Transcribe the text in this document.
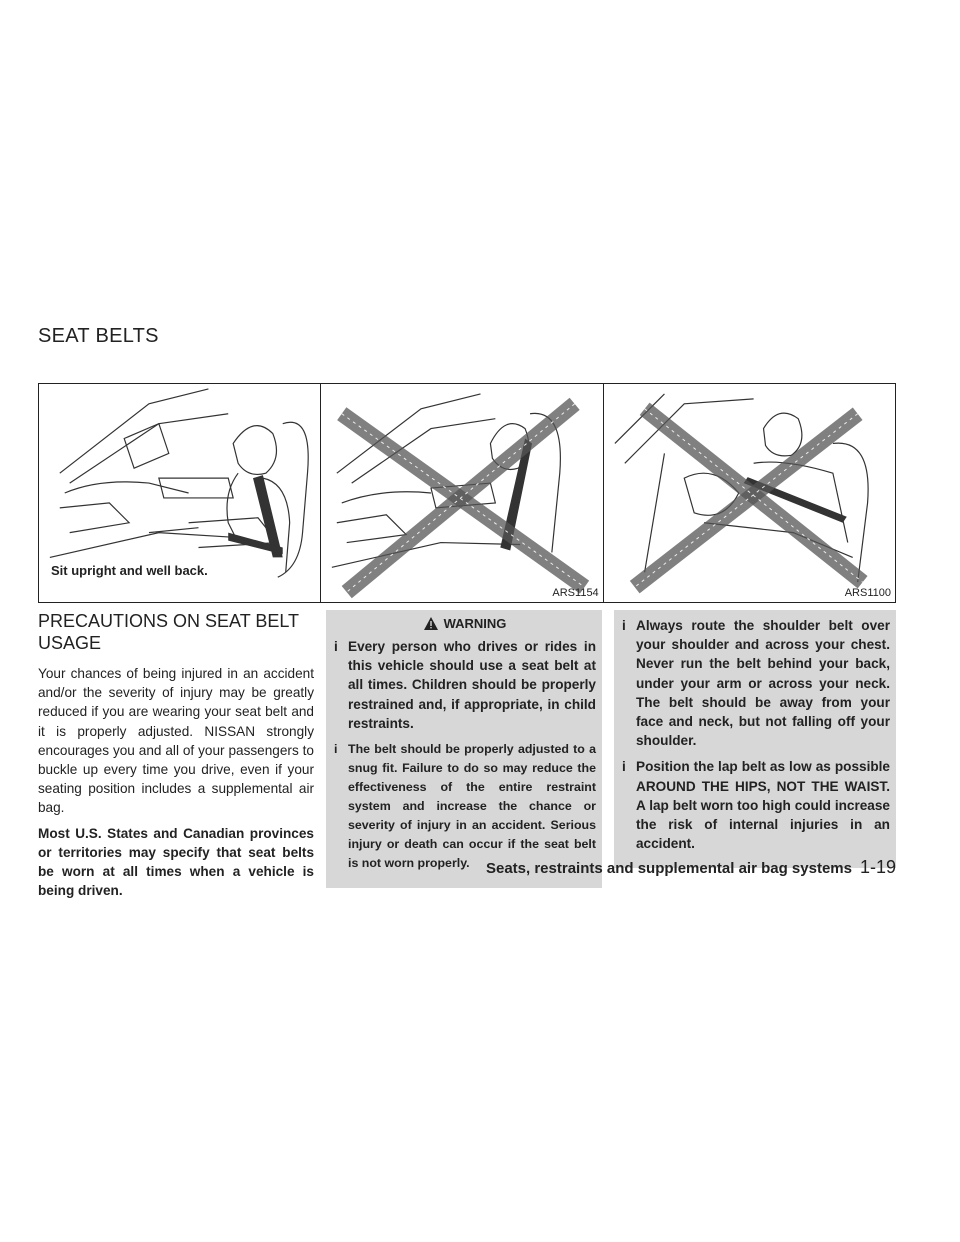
SEAT BELTS
Sit upright and well back.
ARS1154	ARS1100
PRECAUTIONS ON SEAT BELT USAGE

Your chances of being injured in an accident and/or the severity of injury may be greatly reduced if you are wearing your seat belt and it is properly adjusted. NISSAN strongly encourages you and all of your passengers to buckle up every time you drive, even if your seating position includes a supplemental air bag.

Most U.S. States and Canadian provinces or territories may specify that seat belts be worn at all times when a vehicle is being driven.

WARNING
i Every person who drives or rides in this vehicle should use a seat belt at all times. Children should be properly restrained and, if appropriate, in child restraints.
i The belt should be properly adjusted to a snug fit. Failure to do so may reduce the effectiveness of the entire restraint system and increase the chance or severity of injury in an accident. Serious injury or death can occur if the seat belt is not worn properly.
i Always route the shoulder belt over your shoulder and across your chest. Never run the belt behind your back, under your arm or across your neck. The belt should be away from your face and neck, but not falling off your shoulder.
i Position the lap belt as low as possible AROUND THE HIPS, NOT THE WAIST. A lap belt worn too high could increase the risk of internal injuries in an accident.
Seats, restraints and supplemental air bag systems 1-19
